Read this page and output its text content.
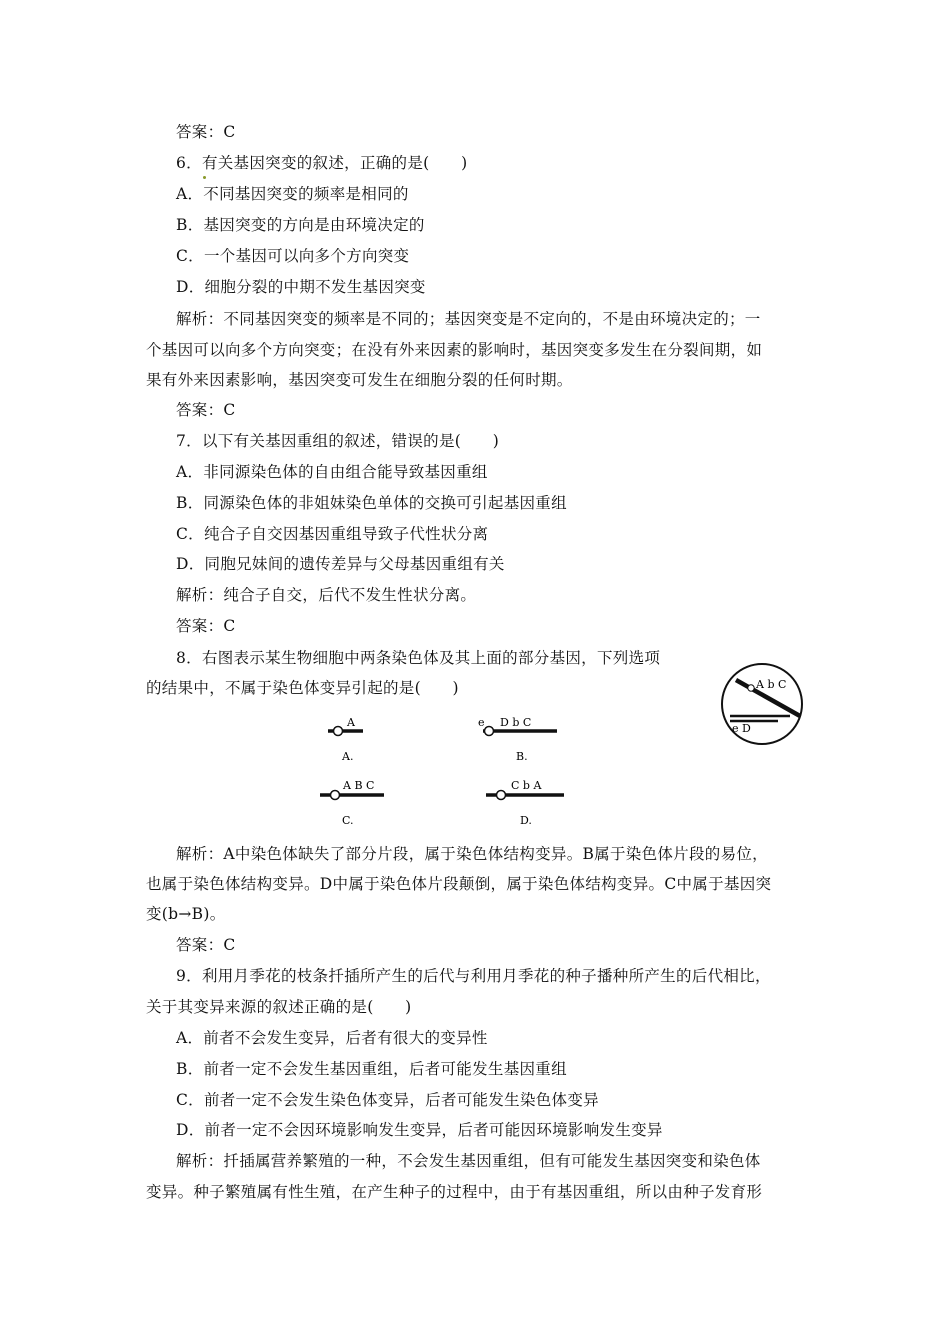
答案：C
6．有关基因突变的叙述，正确的是(　　)
A．不同基因突变的频率是相同的
B．基因突变的方向是由环境决定的
C．一个基因可以向多个方向突变
D．细胞分裂的中期不发生基因突变
解析：不同基因突变的频率是不同的；基因突变是不定向的，不是由环境决定的；一
个基因可以向多个方向突变；在没有外来因素的影响时，基因突变多发生在分裂间期，如
果有外来因素影响，基因突变可发生在细胞分裂的任何时期。
答案：C
7．以下有关基因重组的叙述，错误的是(　　)
A．非同源染色体的自由组合能导致基因重组
B．同源染色体的非姐妹染色单体的交换可引起基因重组
C．纯合子自交因基因重组导致子代性状分离
D．同胞兄妹间的遗传差异与父母基因重组有关
解析：纯合子自交，后代不发生性状分离。
答案：C
8．右图表示某生物细胞中两条染色体及其上面的部分基因，下列选项
的结果中，不属于染色体变异引起的是(　　)
A
A.
e D b C
B.
A B C
C.
C b A
D.
A b C
e D
解析：A中染色体缺失了部分片段，属于染色体结构变异。B属于染色体片段的易位，
也属于染色体结构变异。D中属于染色体片段颠倒，属于染色体结构变异。C中属于基因突
变(b→B)。
答案：C
9．利用月季花的枝条扦插所产生的后代与利用月季花的种子播种所产生的后代相比，
关于其变异来源的叙述正确的是(　　)
A．前者不会发生变异，后者有很大的变异性
B．前者一定不会发生基因重组，后者可能发生基因重组
C．前者一定不会发生染色体变异，后者可能发生染色体变异
D．前者一定不会因环境影响发生变异，后者可能因环境影响发生变异
解析：扦插属营养繁殖的一种，不会发生基因重组，但有可能发生基因突变和染色体
变异。种子繁殖属有性生殖，在产生种子的过程中，由于有基因重组，所以由种子发育形
